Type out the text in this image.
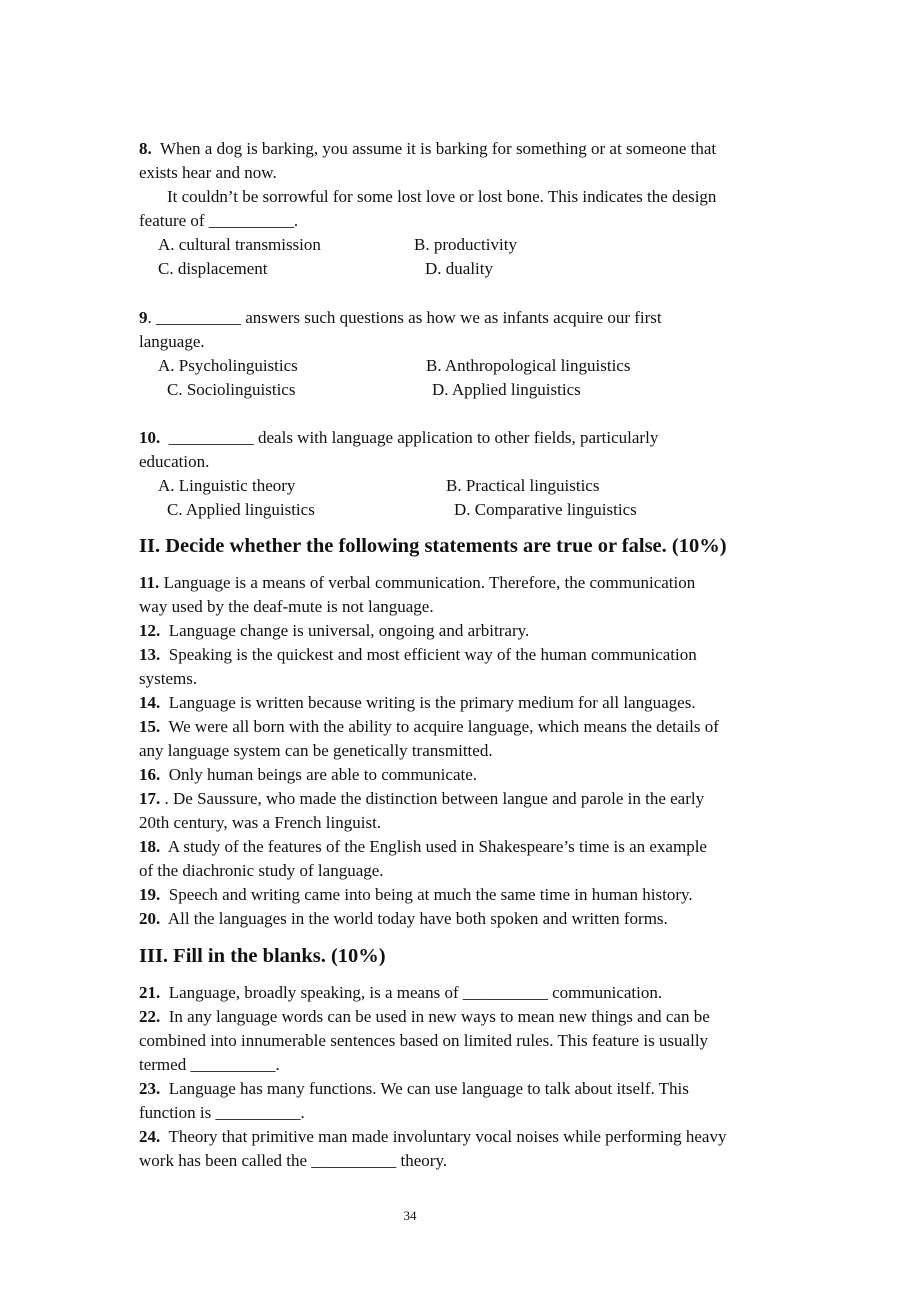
8. When a dog is barking, you assume it is barking for something or at someone that

exists hear and now.

It couldn’t be sorrowful for some lost love or lost bone. This indicates the design

feature of __________.

A. cultural transmission	B. productivity

C. displacement	D. duality

9. __________ answers such questions as how we as infants acquire our first

language.

A. Psycholinguistics	B. Anthropological linguistics

C. Sociolinguistics	D. Applied linguistics

10. __________ deals with language application to other fields, particularly

education.

A. Linguistic theory	B. Practical linguistics

C. Applied linguistics	D. Comparative linguistics

II. Decide whether the following statements are true or false. (10%)

11. Language is a means of verbal communication. Therefore, the communication

way used by the deaf-mute is not language.

12. Language change is universal, ongoing and arbitrary.

13. Speaking is the quickest and most efficient way of the human communication

systems.

14. Language is written because writing is the primary medium for all languages.

15. We were all born with the ability to acquire language, which means the details of

any language system can be genetically transmitted.

16. Only human beings are able to communicate.

17. . De Saussure, who made the distinction between langue and parole in the early

20th century, was a French linguist.

18. A study of the features of the English used in Shakespeare’s time is an example

of the diachronic study of language.

19. Speech and writing came into being at much the same time in human history.

20. All the languages in the world today have both spoken and written forms.

III. Fill in the blanks. (10%)

21. Language, broadly speaking, is a means of __________ communication.

22. In any language words can be used in new ways to mean new things and can be

combined into innumerable sentences based on limited rules. This feature is usually

termed __________.

23. Language has many functions. We can use language to talk about itself. This

function is __________.

24. Theory that primitive man made involuntary vocal noises while performing heavy

work has been called the __________ theory.

34
